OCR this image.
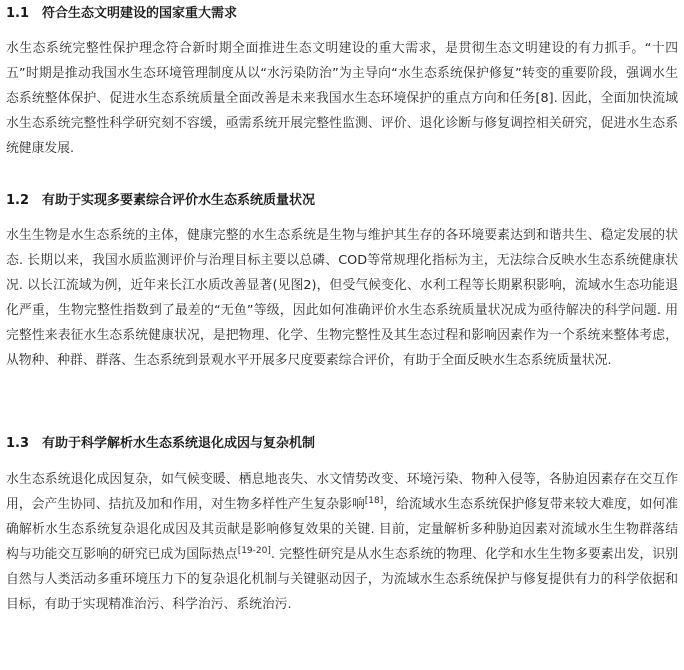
1.1 符合生态文明建设的国家重大需求

水生态系统完整性保护理念符合新时期全面推进生态文明建设的重大需求，是贯彻生态文明建设的有力抓手。“十四五”时期是推动我国水生态环境管理制度从以“水污染防治”为主导向“水生态系统保护修复”转变的重要阶段，强调水生态系统整体保护、促进水生态系统质量全面改善是未来我国水生态环境保护的重点方向和任务[8]. 因此，全面加快流域水生态系统完整性科学研究刻不容缓，亟需系统开展完整性监测、评价、退化诊断与修复调控相关研究，促进水生态系统健康发展.

1.2 有助于实现多要素综合评价水生态系统质量状况

水生生物是水生态系统的主体，健康完整的水生态系统是生物与维护其生存的各环境要素达到和谐共生、稳定发展的状态. 长期以来，我国水质监测评价与治理目标主要以总磷、COD等常规理化指标为主，无法综合反映水生态系统健康状况. 以长江流域为例，近年来长江水质改善显著(见图2)，但受气候变化、水利工程等长期累积影响，流域水生态功能退化严重，生物完整性指数到了最差的“无鱼”等级，因此如何准确评价水生态系统质量状况成为亟待解决的科学问题. 用完整性来表征水生态系统健康状况，是把物理、化学、生物完整性及其生态过程和影响因素作为一个系统来整体考虑，从物种、种群、群落、生态系统到景观水平开展多尺度要素综合评价，有助于全面反映水生态系统质量状况.

1.3 有助于科学解析水生态系统退化成因与复杂机制

水生态系统退化成因复杂，如气候变暖、栖息地丧失、水文情势改变、环境污染、物种入侵等，各胁迫因素存在交互作用，会产生协同、拮抗及加和作用，对生物多样性产生复杂影响[18]，给流域水生态系统保护修复带来较大难度，如何准确解析水生态系统复杂退化成因及其贡献是影响修复效果的关键. 目前，定量解析多种胁迫因素对流域水生生物群落结构与功能交互影响的研究已成为国际热点[19-20]. 完整性研究是从水生态系统的物理、化学和水生生物多要素出发，识别自然与人类活动多重环境压力下的复杂退化机制与关键驱动因子，为流域水生态系统保护与修复提供有力的科学依据和目标，有助于实现精准治污、科学治污、系统治污.
